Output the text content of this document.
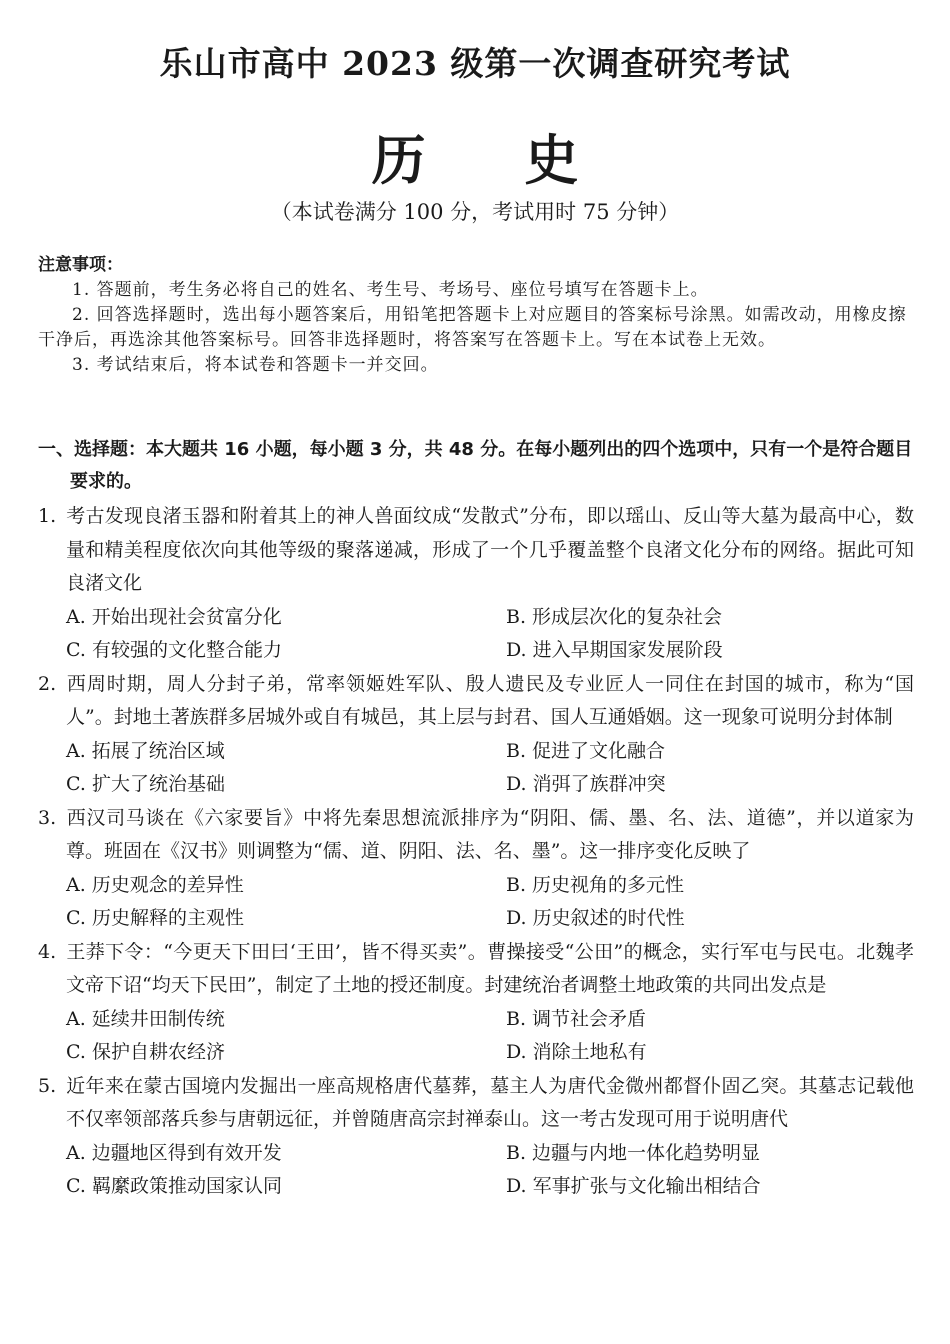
乐山市高中 2023 级第一次调查研究考试
历 史
（本试卷满分 100 分，考试用时 75 分钟）
注意事项：
1. 答题前，考生务必将自己的姓名、考生号、考场号、座位号填写在答题卡上。
2. 回答选择题时，选出每小题答案后，用铅笔把答题卡上对应题目的答案标号涂黑。如需改动，用橡皮擦干净后，再选涂其他答案标号。回答非选择题时，将答案写在答题卡上。写在本试卷上无效。
3. 考试结束后，将本试卷和答题卡一并交回。
一、选择题：本大题共 16 小题，每小题 3 分，共 48 分。在每小题列出的四个选项中，只有一个是符合题目要求的。
1. 考古发现良渚玉器和附着其上的神人兽面纹成“发散式”分布，即以瑶山、反山等大墓为最高中心，数量和精美程度依次向其他等级的聚落递减，形成了一个几乎覆盖整个良渚文化分布的网络。据此可知良渚文化
A. 开始出现社会贫富分化	B. 形成层次化的复杂社会
C. 有较强的文化整合能力	D. 进入早期国家发展阶段
2. 西周时期，周人分封子弟，常率领姬姓军队、殷人遗民及专业匠人一同住在封国的城市，称为“国人”。封地土著族群多居城外或自有城邑，其上层与封君、国人互通婚姻。这一现象可说明分封体制
A. 拓展了统治区域	B. 促进了文化融合
C. 扩大了统治基础	D. 消弭了族群冲突
3. 西汉司马谈在《六家要旨》中将先秦思想流派排序为“阴阳、儒、墨、名、法、道德”，并以道家为尊。班固在《汉书》则调整为“儒、道、阴阳、法、名、墨”。这一排序变化反映了
A. 历史观念的差异性	B. 历史视角的多元性
C. 历史解释的主观性	D. 历史叙述的时代性
4. 王莽下令：“今更天下田曰‘王田’，皆不得买卖”。曹操接受“公田”的概念，实行军屯与民屯。北魏孝文帝下诏“均天下民田”，制定了土地的授还制度。封建统治者调整土地政策的共同出发点是
A. 延续井田制传统	B. 调节社会矛盾
C. 保护自耕农经济	D. 消除土地私有
5. 近年来在蒙古国境内发掘出一座高规格唐代墓葬，墓主人为唐代金微州都督仆固乙突。其墓志记载他不仅率领部落兵参与唐朝远征，并曾随唐高宗封禅泰山。这一考古发现可用于说明唐代
A. 边疆地区得到有效开发	B. 边疆与内地一体化趋势明显
C. 羁縻政策推动国家认同	D. 军事扩张与文化输出相结合
